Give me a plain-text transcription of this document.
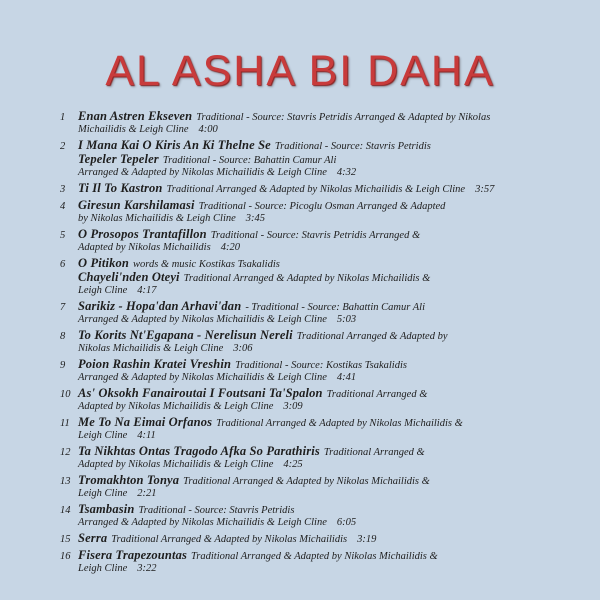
AL ASHA BI DAHA
1	Enan Astren Ekseven Traditional - Source: Stavris Petridis Arranged & Adapted by Nikolas
Michailidis & Leigh Cline 4:00
2	I Mana Kai O Kiris An Ki Thelne Se Traditional - Source: Stavris Petridis
Tepeler Tepeler Traditional - Source: Bahattin Camur Ali
Arranged & Adapted by Nikolas Michailidis & Leigh Cline 4:32
3	Ti Il To Kastron Traditional Arranged & Adapted by Nikolas Michailidis & Leigh Cline 3:57
4	Giresun Karshilamasi Traditional - Source: Picoglu Osman Arranged & Adapted
by Nikolas Michailidis & Leigh Cline 3:45
5	O Prosopos Trantafillon Traditional - Source: Stavris Petridis Arranged &
Adapted by Nikolas Michailidis 4:20
6	O Pitikon words & music Kostikas Tsakalidis
Chayeli'nden Oteyi Traditional Arranged & Adapted by Nikolas Michailidis &
Leigh Cline 4:17
7	Sarikiz - Hopa'dan Arhavi'dan - Traditional - Source: Bahattin Camur Ali
Arranged & Adapted by Nikolas Michailidis & Leigh Cline 5:03
8	To Korits Nt'Egapana - Nerelisun Nereli Traditional Arranged & Adapted by
Nikolas Michailidis & Leigh Cline 3:06
9	Poion Rashin Kratei Vreshin Traditional - Source: Kostikas Tsakalidis
Arranged & Adapted by Nikolas Michailidis & Leigh Cline 4:41
10 As' Oksokh Fanairoutai I Foutsani Ta'Spalon Traditional Arranged &
Adapted by Nikolas Michailidis & Leigh Cline 3:09
11 Me To Na Eimai Orfanos Traditional Arranged & Adapted by Nikolas Michailidis &
Leigh Cline 4:11
12 Ta Nikhtas Ontas Tragodo Afka So Parathiris Traditional Arranged &
Adapted by Nikolas Michailidis & Leigh Cline 4:25
13 Tromakhton Tonya Traditional Arranged & Adapted by Nikolas Michailidis &
Leigh Cline 2:21
14 Tsambasin Traditional - Source: Stavris Petridis
Arranged & Adapted by Nikolas Michailidis & Leigh Cline 6:05
15 Serra Traditional Arranged & Adapted by Nikolas Michailidis 3:19
16 Fisera Trapezountas Traditional Arranged & Adapted by Nikolas Michailidis &
Leigh Cline 3:22
